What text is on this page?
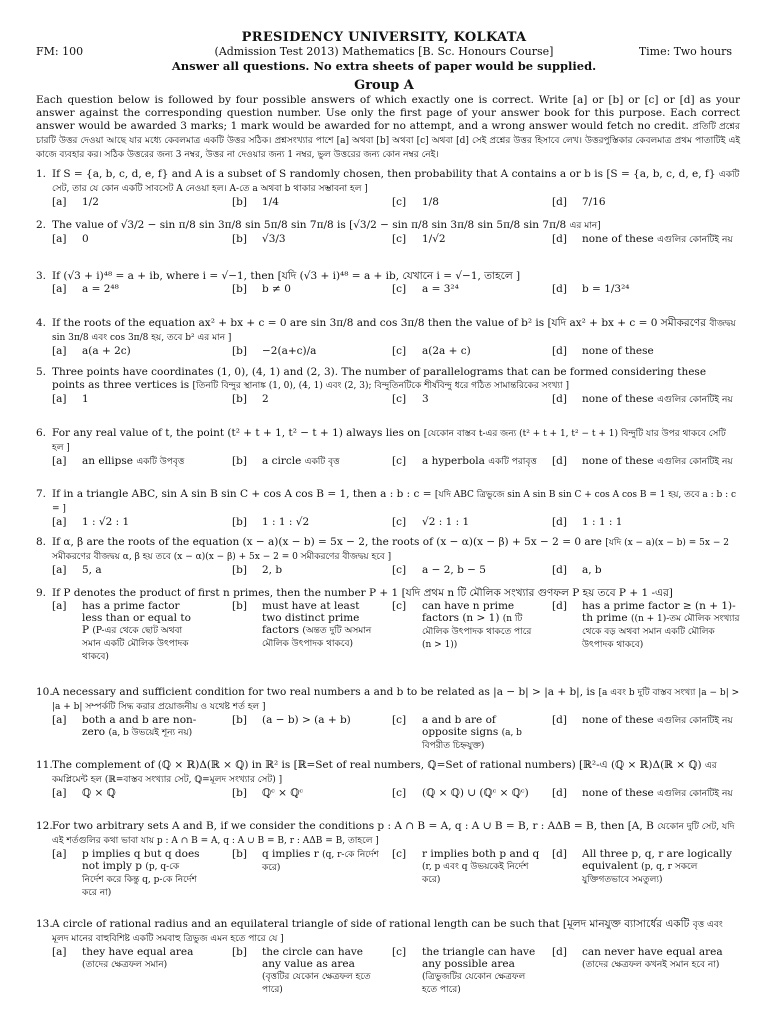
PRESIDENCY UNIVERSITY, KOLKATA
FM: 100	(Admission Test 2013) Mathematics [B. Sc. Honours Course]	Time: Two hours
Answer all questions. No extra sheets of paper would be supplied.
Group A
Each question below is followed by four possible answers of which exactly one is correct. Write [a] or [b] or [c] or [d] as your answer against the corresponding question number. Use only the first page of your answer book for this purpose. Each correct answer would be awarded 3 marks; 1 mark would be awarded for no attempt, and a wrong answer would fetch no credit. প্রতিটি প্রশ্নের চারটি উত্তর দেওয়া আছে যার মধ্যে কেবলমাত্র একটি উত্তর সঠিক। প্রশ্নসংখ্যার পাশে [a] অথবা [b] অথবা [c] অথবা [d] সেই প্রশ্নের উত্তর হিসাবে লেখ। উত্তরপুস্তিকার কেবলমাত্র প্রথম পাতাটিই এই কাজে ব্যবহার কর। সঠিক উত্তরের জন্য 3 নম্বর, উত্তর না দেওয়ার জন্য 1 নম্বর, ভুল উত্তরের জন্য কোন নম্বর নেই।
1. If S = {a, b, c, d, e, f} and A is a subset of S randomly chosen, then probability that A contains a or b is [S = {a, b, c, d, e, f} একটি সেট, তার যে কোন একটি সাবসেট A নেওয়া হল। A-তে a অথবা b থাকার সম্ভাবনা হল ]
[a]	1/2	[b]	1/4	[c]	1/8	[d]	7/16
2. The value of √3/2 − sin π/8 sin 3π/8 sin 5π/8 sin 7π/8 is [√3/2 − sin π/8 sin 3π/8 sin 5π/8 sin 7π/8 এর মান]
[a]	0	[b]	√3/3	[c]	1/√2	[d]	none of these এগুলির কোনটিই নয়
3. If (√3 + i)⁴⁸ = a + ib, where i = √−1, then [যদি (√3 + i)⁴⁸ = a + ib, যেখানে i = √−1, তাহলে ]
[a]	a = 2⁴⁸	[b]	b ≠ 0	[c]	a = 3²⁴	[d]	b = 1/3²⁴
4. If the roots of the equation ax² + bx + c = 0 are sin 3π/8 and cos 3π/8 then the value of b² is [যদি ax² + bx + c = 0 সমীকরণের বীজদ্বয় sin 3π/8 এবং cos 3π/8 হয়, তবে b² এর মান ]
[a]	a(a + 2c)	[b]	−2(a+c)/a	[c]	a(2a + c)	[d]	none of these
5. Three points have coordinates (1, 0), (4, 1) and (2, 3). The number of parallelograms that can be formed considering these points as three vertices is [তিনটি বিন্দুর স্থানাঙ্ক (1, 0), (4, 1) এবং (2, 3); বিন্দুতিনটিকে শীর্ষবিন্দু ধরে গঠিত সামান্তরিকের সংখ্যা ]
[a]	1	[b]	2	[c]	3	[d]	none of these এগুলির কোনটিই নয়
6. For any real value of t, the point (t² + t + 1, t² − t + 1) always lies on [যেকোন বাস্তব t-এর জন্য (t² + t + 1, t² − t + 1) বিন্দুটি যার উপর থাকবে সেটি হল ]
[a]	an ellipse একটি উপবৃত্ত	[b]	a circle একটি বৃত্ত	[c]	a hyperbola একটি পরাবৃত্ত [d]	none of these এগুলির কোনটিই নয়
7. If in a triangle ABC, sin A sin B sin C + cos A cos B = 1, then a : b : c = [যদি ABC ত্রিভুজে sin A sin B sin C + cos A cos B = 1 হয়, তবে a : b : c = ]
[a]	1 : √2 : 1	[b]	1 : 1 : √2	[c]	√2 : 1 : 1	[d]	1 : 1 : 1
8. If α, β are the roots of the equation (x − a)(x − b) = 5x − 2, the roots of (x − α)(x − β) + 5x − 2 = 0 are [যদি (x − a)(x − b) = 5x − 2 সমীকরণের বীজদ্বয় α, β হয় তবে (x − α)(x − β) + 5x − 2 = 0 সমীকরণের বীজদ্বয় হবে ]
[a]	5, a	[b]	2, b	[c]	a − 2, b − 5	[d]	a, b
9. If P denotes the product of first n primes, then the number P + 1 [যদি প্রথম n টি মৌলিক সংখ্যার গুণফল P হয় তবে P + 1 -এর]
[a]	has a prime factor less than or equal to P (P-এর থেকে ছোট অথবা সমান একটি মৌলিক উৎপাদক থাকবে)
[b]	must have at least two distinct prime factors (অন্তত দুটি অসমান মৌলিক উৎপাদক থাকবে)
[c]	can have n prime factors (n > 1) (n টি মৌলিক উৎপাদক থাকতে পারে (n > 1))
[d]	has a prime factor ≥ (n + 1)-th prime ((n + 1)-তম মৌলিক সংখ্যার থেকে বড় অথবা সমান একটি মৌলিক উৎপাদক থাকবে)
10.A necessary and sufficient condition for two real numbers a and b to be related as |a − b| > |a + b|, is [a এবং b দুটি বাস্তব সংখ্যা |a − b| > |a + b| সম্পর্কটি সিদ্ধ করার প্রয়োজনীয় ও যথেষ্ট শর্ত হল ]
[a]	both a and b are non-zero (a, b উভয়েই শূন্য নয়)
[b]	(a − b) > (a + b)	[c]	a and b are of opposite signs (a, b বিপরীত চিহ্নযুক্ত)
[d]	none of these এগুলির কোনটিই নয়
11.The complement of (ℚ × ℝ)Δ(ℝ × ℚ) in ℝ² is [ℝ=Set of real numbers, ℚ=Set of rational numbers) [ℝ²-এ (ℚ × ℝ)Δ(ℝ × ℚ) এর কমপ্লিমেন্ট হল (ℝ=বাস্তব সংখ্যার সেট, ℚ=মূলদ সংখ্যার সেট) ]
[a]	ℚ × ℚ	[b]	ℚᶜ × ℚᶜ	[c]	(ℚ × ℚ) ∪ (ℚᶜ × ℚᶜ)	[d]	none of these এগুলির কোনটিই নয়
12.For two arbitrary sets A and B, if we consider the conditions p : A ∩ B = A, q : A ∪ B = B, r : AΔB = B, then [A, B যেকোন দুটি সেট, যদি এই শর্তগুলির কথা ভাবা যায় p : A ∩ B = A, q : A ∪ B = B, r : AΔB = B, তাহলে ]
[a]	p implies q but q does not imply p (p, q-কে নির্দেশ করে কিন্তু q, p-কে নির্দেশ করে না)
[b]	q implies r (q, r-কে নির্দেশ করে)
[c]	r implies both p and q (r, p এবং q উভয়কেই নির্দেশ করে)
[d]	All three p, q, r are logically equivalent (p, q, r সকলে যুক্তিগতভাবে সমতুল্য)
13.A circle of rational radius and an equilateral triangle of side of rational length can be such that [মূলদ মানযুক্ত ব্যাসার্ধের একটি বৃত্ত এবং মূলদ মানের বাহুবিশিষ্ট একটি সমবাহু ত্রিভুজ এমন হতে পারে যে ]
[a]	they have equal area (তাদের ক্ষেত্রফল সমান)
[b]	the circle can have any value as area (বৃত্তটির যেকোন ক্ষেত্রফল হতে পারে)
[c]	the triangle can have any possible area (ত্রিভুজটির যেকোন ক্ষেত্রফল হতে পারে)
[d]	can never have equal area (তাদের ক্ষেত্রফল কখনই সমান হবে না)
